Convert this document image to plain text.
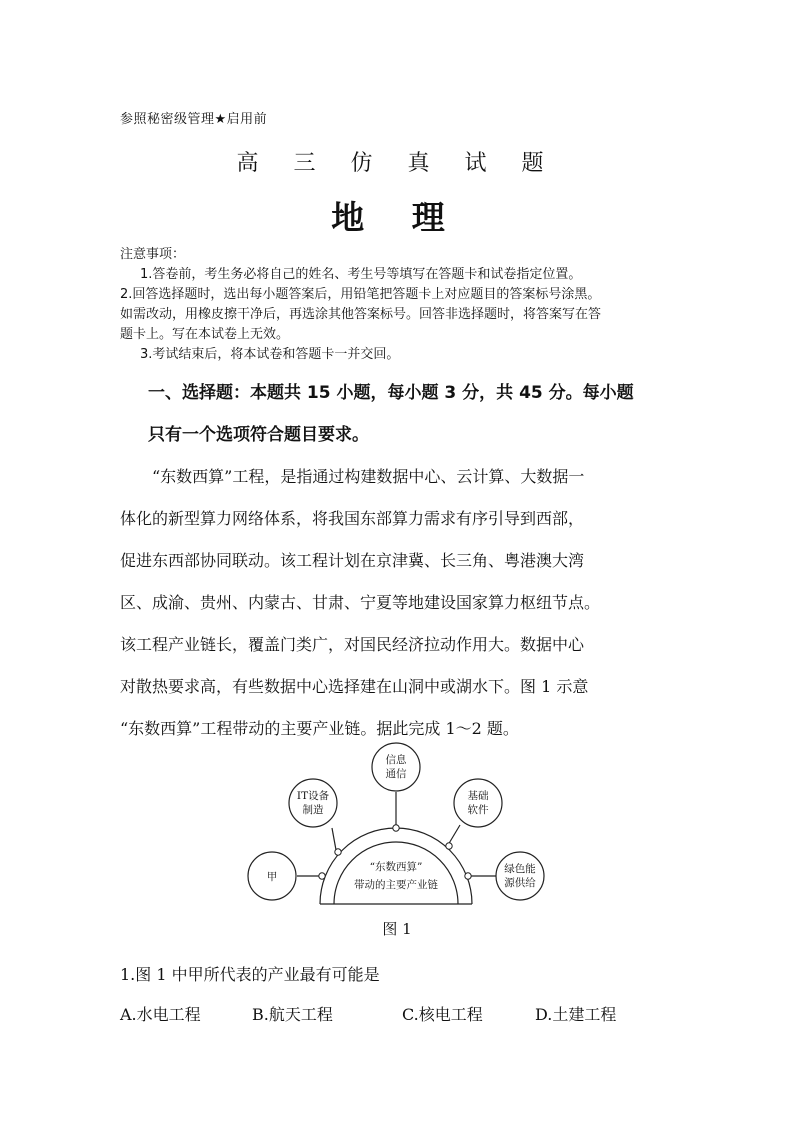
参照秘密级管理★启用前

高 三 仿 真 试 题

地 理

注意事项：
1.答卷前，考生务必将自己的姓名、考生号等填写在答题卡和试卷指定位置。
2.回答选择题时，选出每小题答案后，用铅笔把答题卡上对应题目的答案标号涂黑。
如需改动，用橡皮擦干净后，再选涂其他答案标号。回答非选择题时，将答案写在答
题卡上。写在本试卷上无效。
3.考试结束后，将本试卷和答题卡一并交回。

一、选择题：本题共 15 小题，每小题 3 分，共 45 分。每小题

只有一个选项符合题目要求。

“东数西算”工程，是指通过构建数据中心、云计算、大数据一
体化的新型算力网络体系，将我国东部算力需求有序引导到西部，
促进东西部协同联动。该工程计划在京津冀、长三角、粤港澳大湾
区、成渝、贵州、内蒙古、甘肃、宁夏等地建设国家算力枢纽节点。
该工程产业链长，覆盖门类广，对国民经济拉动作用大。数据中心
对散热要求高，有些数据中心选择建在山洞中或湖水下。图 1 示意
“东数西算”工程带动的主要产业链。据此完成 1～2 题。
“东数西算”
带动的主要产业链
甲
IT设备
制造
信息
通信
基础
软件
绿色能
源供给

图 1

1.图 1 中甲所代表的产业最有可能是

A.水电工程	B.航天工程	C.核电工程	D.土建工程
